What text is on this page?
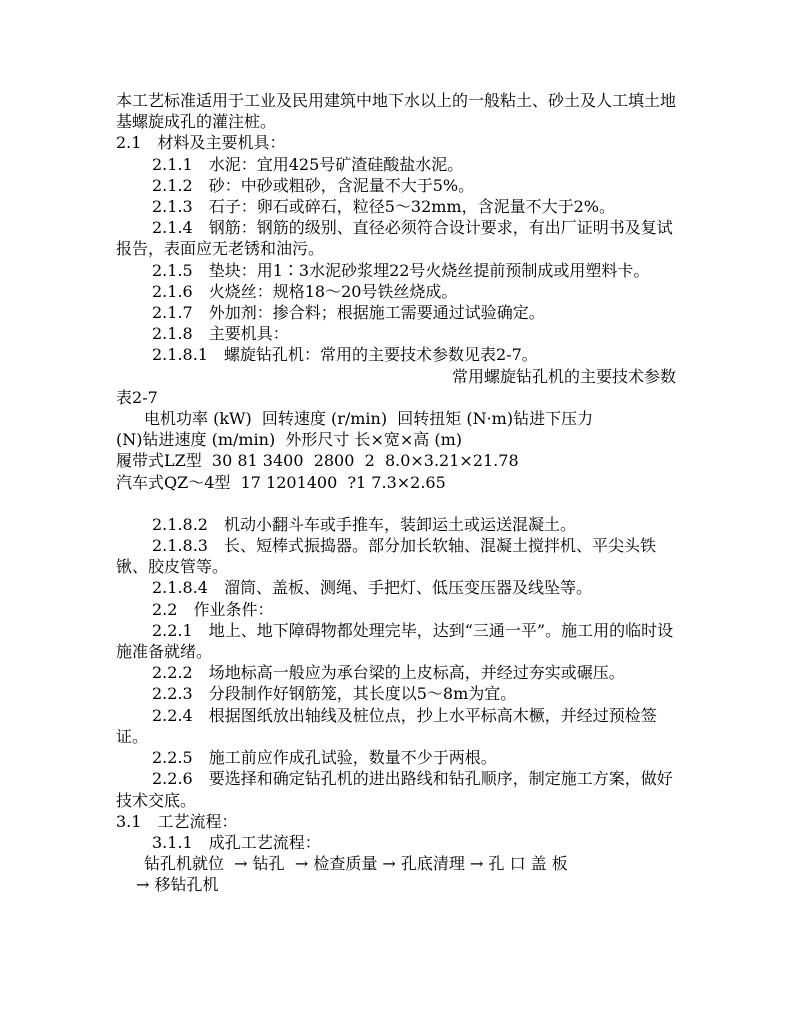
本工艺标准适用于工业及民用建筑中地下水以上的一般粘土、砂土及人工填土地基螺旋成孔的灌注桩。

2.1　材料及主要机具：

2.1.1　水泥：宜用425号矿渣硅酸盐水泥。

2.1.2　砂：中砂或粗砂，含泥量不大于5%。

2.1.3　石子：卵石或碎石，粒径5～32mm，含泥量不大于2%。

2.1.4　钢筋：钢筋的级别、直径必须符合设计要求，有出厂证明书及复试报告，表面应无老锈和油污。

2.1.5　垫块：用1∶3水泥砂浆埋22号火烧丝提前预制成或用塑料卡。

2.1.6　火烧丝：规格18～20号铁丝烧成。

2.1.7　外加剂：掺合料；根据施工需要通过试验确定。

2.1.8　主要机具：

2.1.8.1　螺旋钻孔机：常用的主要技术参数见表2-7。

常用螺旋钻孔机的主要技术参数

表2-7

电机功率 (kW)  回转速度 (r/min)  回转扭矩 (N·m)钻进下压力

(N)钻进速度 (m/min)  外形尺寸 长×宽×高 (m)

履带式LZ型  30 81 3400  2800  2  8.0×3.21×21.78

汽车式QZ～4型  17 1201400  ?1 7.3×2.65

2.1.8.2　机动小翻斗车或手推车，装卸运土或运送混凝土。

2.1.8.3　长、短棒式振捣器。部分加长软轴、混凝土搅拌机、平尖头铁锹、胶皮管等。

2.1.8.4　溜筒、盖板、测绳、手把灯、低压变压器及线坠等。

2.2　作业条件：

2.2.1　地上、地下障碍物都处理完毕，达到“三通一平”。施工用的临时设施准备就绪。

2.2.2　场地标高一般应为承台梁的上皮标高，并经过夯实或碾压。

2.2.3　分段制作好钢筋笼，其长度以5～8m为宜。

2.2.4　根据图纸放出轴线及桩位点，抄上水平标高木橛，并经过预检签证。

2.2.5　施工前应作成孔试验，数量不少于两根。

2.2.6　要选择和确定钻孔机的进出路线和钻孔顺序，制定施工方案，做好技术交底。

3.1　工艺流程：

3.1.1　成孔工艺流程：

钻孔机就位  → 钻孔  → 检查质量 → 孔底清理 → 孔 口 盖 板

→ 移钻孔机
